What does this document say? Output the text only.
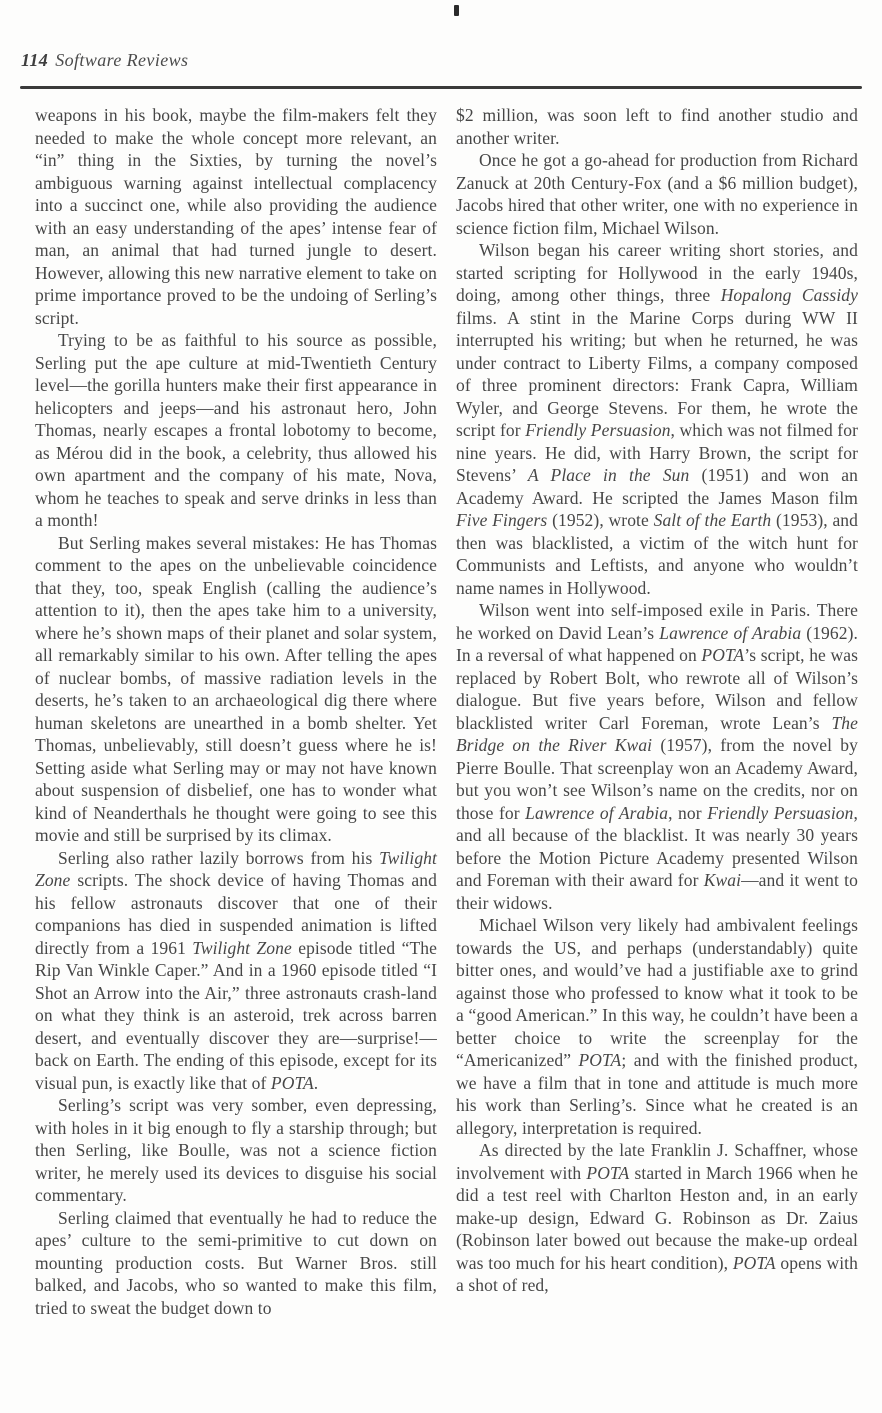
114 Software Reviews

weapons in his book, maybe the film-makers felt they needed to make the whole concept more relevant, an “in” thing in the Sixties, by turning the novel’s ambiguous warning against intellectual complacency into a succinct one, while also providing the audience with an easy understanding of the apes’ intense fear of man, an animal that had turned jungle to desert. However, allowing this new narrative element to take on prime importance proved to be the undoing of Serling’s script.

Trying to be as faithful to his source as possible, Serling put the ape culture at mid-Twentieth Century level—the gorilla hunters make their first appearance in helicopters and jeeps—and his astronaut hero, John Thomas, nearly escapes a frontal lobotomy to become, as Mérou did in the book, a celebrity, thus allowed his own apartment and the company of his mate, Nova, whom he teaches to speak and serve drinks in less than a month!

But Serling makes several mistakes: He has Thomas comment to the apes on the unbelievable coincidence that they, too, speak English (calling the audience’s attention to it), then the apes take him to a university, where he’s shown maps of their planet and solar system, all remarkably similar to his own. After telling the apes of nuclear bombs, of massive radiation levels in the deserts, he’s taken to an archaeological dig there where human skeletons are unearthed in a bomb shelter. Yet Thomas, unbelievably, still doesn’t guess where he is! Setting aside what Serling may or may not have known about suspension of disbelief, one has to wonder what kind of Neanderthals he thought were going to see this movie and still be surprised by its climax.

Serling also rather lazily borrows from his Twilight Zone scripts. The shock device of having Thomas and his fellow astronauts discover that one of their companions has died in suspended animation is lifted directly from a 1961 Twilight Zone episode titled “The Rip Van Winkle Caper.” And in a 1960 episode titled “I Shot an Arrow into the Air,” three astronauts crash-land on what they think is an asteroid, trek across barren desert, and eventually discover they are—surprise!—back on Earth. The ending of this episode, except for its visual pun, is exactly like that of POTA.

Serling’s script was very somber, even depressing, with holes in it big enough to fly a starship through; but then Serling, like Boulle, was not a science fiction writer, he merely used its devices to disguise his social commentary.

Serling claimed that eventually he had to reduce the apes’ culture to the semi-primitive to cut down on mounting production costs. But Warner Bros. still balked, and Jacobs, who so wanted to make this film, tried to sweat the budget down to

$2 million, was soon left to find another studio and another writer.

Once he got a go-ahead for production from Richard Zanuck at 20th Century-Fox (and a $6 million budget), Jacobs hired that other writer, one with no experience in science fiction film, Michael Wilson.

Wilson began his career writing short stories, and started scripting for Hollywood in the early 1940s, doing, among other things, three Hopalong Cassidy films. A stint in the Marine Corps during WW II interrupted his writing; but when he returned, he was under contract to Liberty Films, a company composed of three prominent directors: Frank Capra, William Wyler, and George Stevens. For them, he wrote the script for Friendly Persuasion, which was not filmed for nine years. He did, with Harry Brown, the script for Stevens’ A Place in the Sun (1951) and won an Academy Award. He scripted the James Mason film Five Fingers (1952), wrote Salt of the Earth (1953), and then was blacklisted, a victim of the witch hunt for Communists and Leftists, and anyone who wouldn’t name names in Hollywood.

Wilson went into self-imposed exile in Paris. There he worked on David Lean’s Lawrence of Arabia (1962). In a reversal of what happened on POTA’s script, he was replaced by Robert Bolt, who rewrote all of Wilson’s dialogue. But five years before, Wilson and fellow blacklisted writer Carl Foreman, wrote Lean’s The Bridge on the River Kwai (1957), from the novel by Pierre Boulle. That screenplay won an Academy Award, but you won’t see Wilson’s name on the credits, nor on those for Lawrence of Arabia, nor Friendly Persuasion, and all because of the blacklist. It was nearly 30 years before the Motion Picture Academy presented Wilson and Foreman with their award for Kwai—and it went to their widows.

Michael Wilson very likely had ambivalent feelings towards the US, and perhaps (understandably) quite bitter ones, and would’ve had a justifiable axe to grind against those who professed to know what it took to be a “good American.” In this way, he couldn’t have been a better choice to write the screenplay for the “Americanized” POTA; and with the finished product, we have a film that in tone and attitude is much more his work than Serling’s. Since what he created is an allegory, interpretation is required.

As directed by the late Franklin J. Schaffner, whose involvement with POTA started in March 1966 when he did a test reel with Charlton Heston and, in an early make-up design, Edward G. Robinson as Dr. Zaius (Robinson later bowed out because the make-up ordeal was too much for his heart condition), POTA opens with a shot of red,
